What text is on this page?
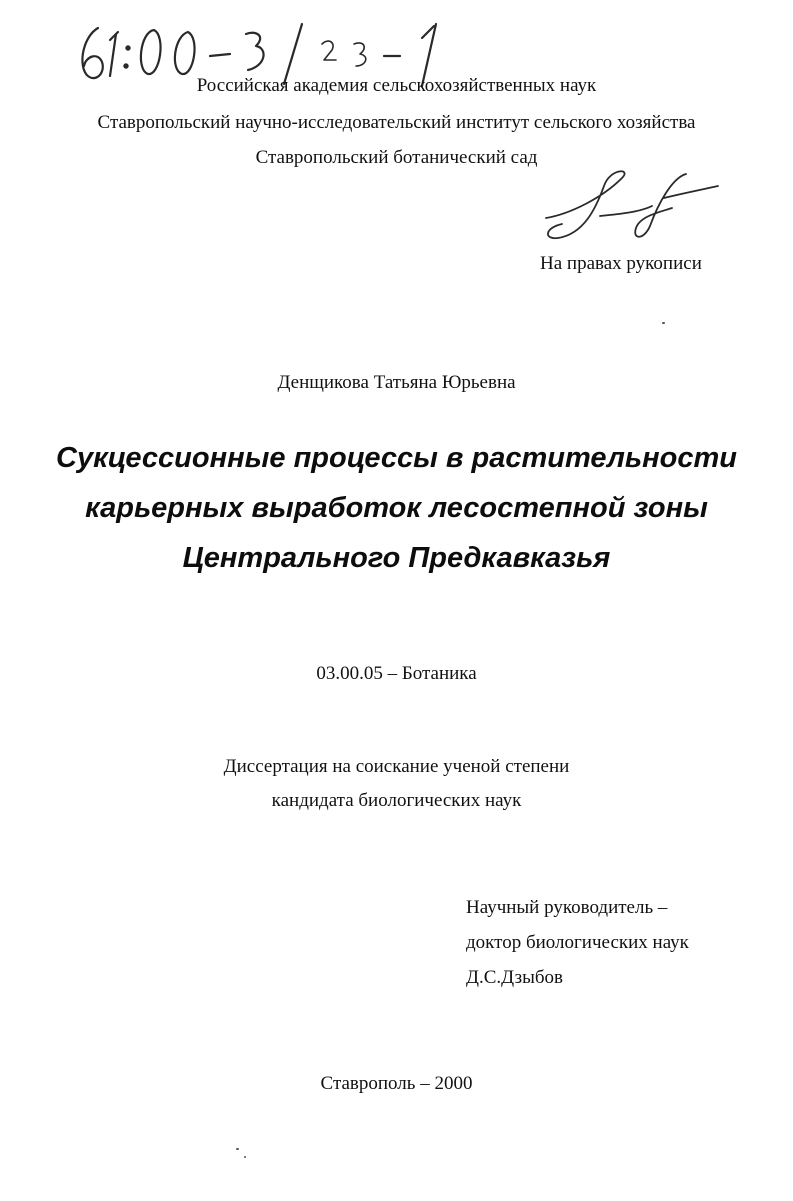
Российская академия сельскохозяйственных наук
Ставропольский научно-исследовательский институт сельского хозяйства
Ставропольский ботанический сад
На правах рукописи
Денщикова Татьяна Юрьевна
Сукцессионные процессы в растительности
карьерных выработок лесостепной зоны
Центрального Предкавказья
03.00.05 – Ботаника
Диссертация на соискание ученой степени
кандидата биологических наук
Научный руководитель –
доктор биологических наук
Д.С.Дзыбов
Ставрополь – 2000
